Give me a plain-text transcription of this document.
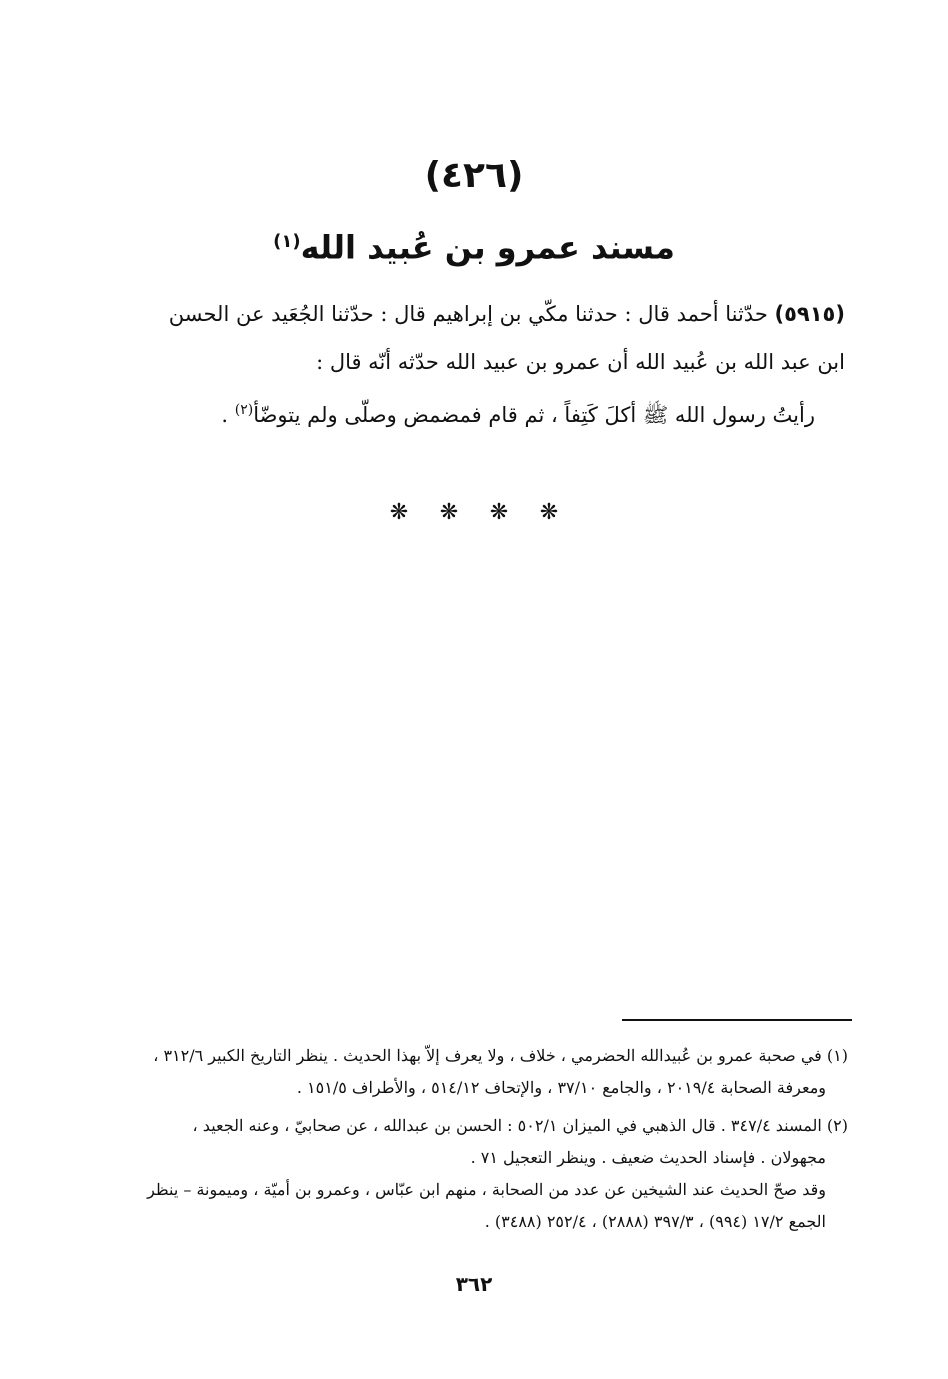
(٤٢٦)
مسند عمرو بن عُبيد الله$^{(١)}$
(٥٩١٥) حدّثنا أحمد قال : حدثنا مكّي بن إبراهيم قال : حدّثنا الجُعَيد عن الحسن
ابن عبد الله بن عُبيد الله أن عمرو بن عبيد الله حدّثه أنّه قال :
رأيتُ رسول الله ﷺ أكلَ كَتِفاً ، ثم قام فمضمض وصلّى ولم يتوضّأ$^{(٢)}$ .
❋
❋
❋
❋
(١) في صحبة عمرو بن عُبيدالله الحضرمي ، خلاف ، ولا يعرف إلاّ بهذا الحديث . ينظر التاريخ الكبير ٣١٢/٦ ،
ومعرفة الصحابة ٢٠١٩/٤ ، والجامع ٣٧/١٠ ، والإتحاف ٥١٤/١٢ ، والأطراف ١٥١/٥ .
(٢) المسند ٣٤٧/٤ . قال الذهبي في الميزان ٥٠٢/١ : الحسن بن عبدالله ، عن صحابيّ ، وعنه الجعيد ،
مجهولان . فإسناد الحديث ضعيف . وينظر التعجيل ٧١ .
وقد صحّ الحديث عند الشيخين عن عدد من الصحابة ، منهم ابن عبّاس ، وعمرو بن أميّة ، وميمونة – ينظر
الجمع ١٧/٢ (٩٩٤) ، ٣٩٧/٣ (٢٨٨٨) ، ٢٥٢/٤ (٣٤٨٨) .
٣٦٢
